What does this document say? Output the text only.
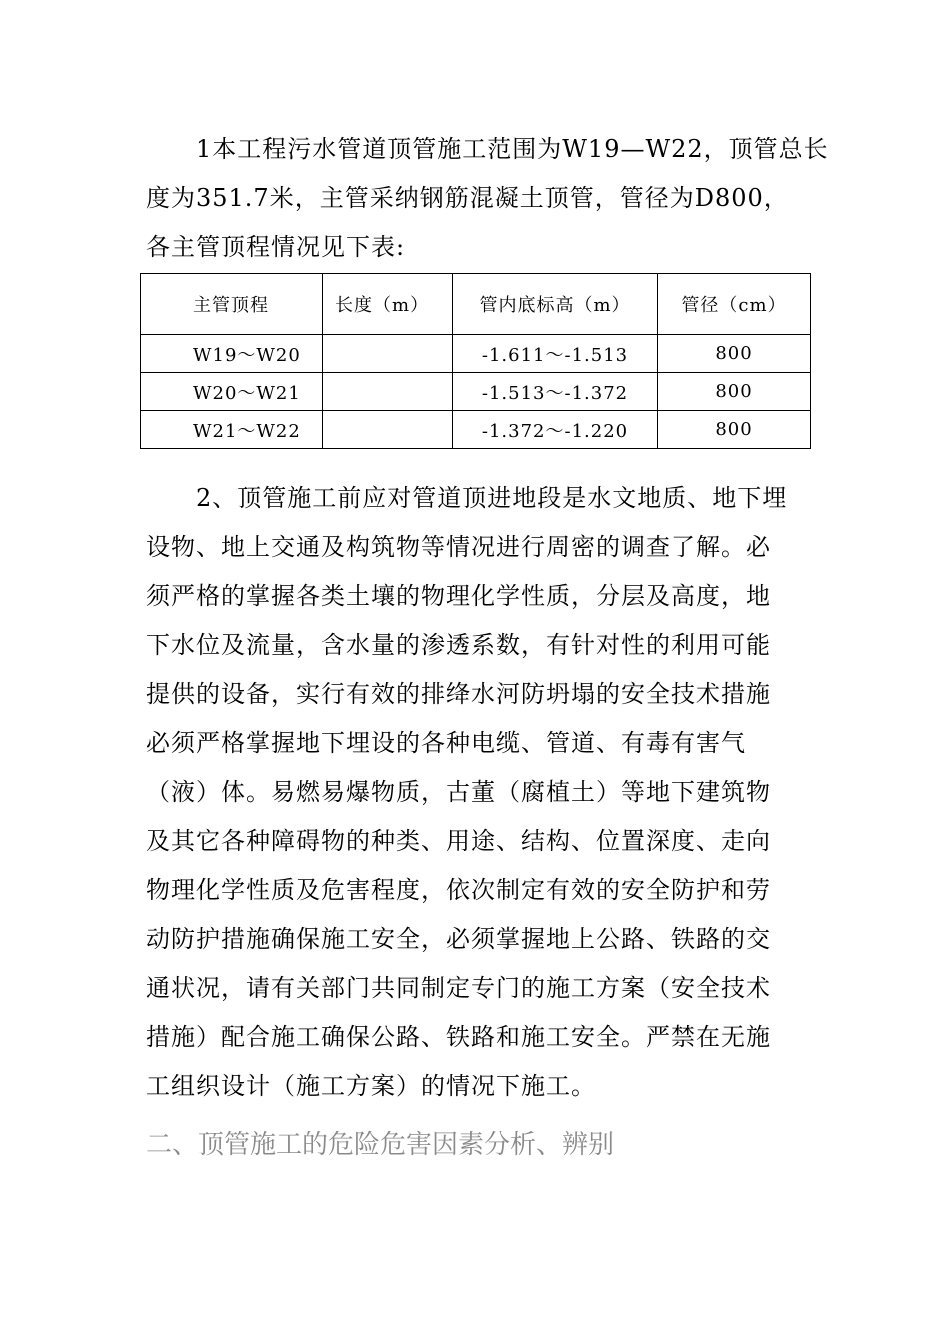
　　1本工程污水管道顶管施工范围为W19—W22，顶管总长
度为351.7米，主管采纳钢筋混凝土顶管，管径为D800，
各主管顶程情况见下表:
主管顶程	长度（m）	管内底标高（m）	管径（cm）
W19～W20		-1.611～-1.513	800
W20～W21		-1.513～-1.372	800
W21～W22		-1.372～-1.220	800
　　2、顶管施工前应对管道顶进地段是水文地质、地下埋
设物、地上交通及构筑物等情况进行周密的调查了解。必
须严格的掌握各类土壤的物理化学性质，分层及高度，地
下水位及流量，含水量的渗透系数，有针对性的利用可能
提供的设备，实行有效的排绛水河防坍塌的安全技术措施
必须严格掌握地下埋设的各种电缆、管道、有毒有害气
（液）体。易燃易爆物质，古董（腐植土）等地下建筑物
及其它各种障碍物的种类、用途、结构、位置深度、走向
物理化学性质及危害程度，依次制定有效的安全防护和劳
动防护措施确保施工安全，必须掌握地上公路、铁路的交
通状况，请有关部门共同制定专门的施工方案（安全技术
措施）配合施工确保公路、铁路和施工安全。严禁在无施
工组织设计（施工方案）的情况下施工。
二、顶管施工的危险危害因素分析、辨别
